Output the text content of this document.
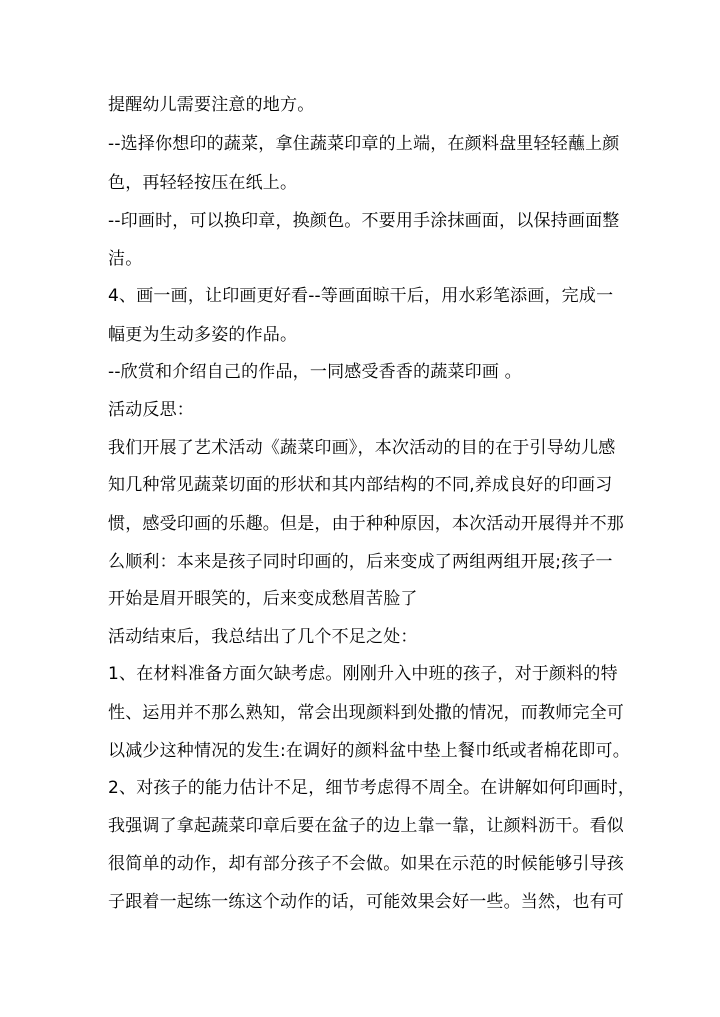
提醒幼儿需要注意的地方。
--选择你想印的蔬菜，拿住蔬菜印章的上端，在颜料盘里轻轻蘸上颜
色，再轻轻按压在纸上。
--印画时，可以换印章，换颜色。不要用手涂抹画面，以保持画面整
洁。
4、画一画，让印画更好看--等画面晾干后，用水彩笔添画，完成一
幅更为生动多姿的作品。
--欣赏和介绍自己的作品，一同感受香香的蔬菜印画 。
活动反思：
我们开展了艺术活动《蔬菜印画》，本次活动的目的在于引导幼儿感
知几种常见蔬菜切面的形状和其内部结构的不同,养成良好的印画习
惯，感受印画的乐趣。但是，由于种种原因，本次活动开展得并不那
么顺利：本来是孩子同时印画的，后来变成了两组两组开展;孩子一
开始是眉开眼笑的，后来变成愁眉苦脸了
活动结束后，我总结出了几个不足之处：
1、在材料准备方面欠缺考虑。刚刚升入中班的孩子，对于颜料的特
性、运用并不那么熟知，常会出现颜料到处撒的情况，而教师完全可
以减少这种情况的发生:在调好的颜料盆中垫上餐巾纸或者棉花即可。
2、对孩子的能力估计不足，细节考虑得不周全。在讲解如何印画时，
我强调了拿起蔬菜印章后要在盆子的边上靠一靠，让颜料沥干。看似
很简单的动作，却有部分孩子不会做。如果在示范的时候能够引导孩
子跟着一起练一练这个动作的话，可能效果会好一些。当然，也有可
